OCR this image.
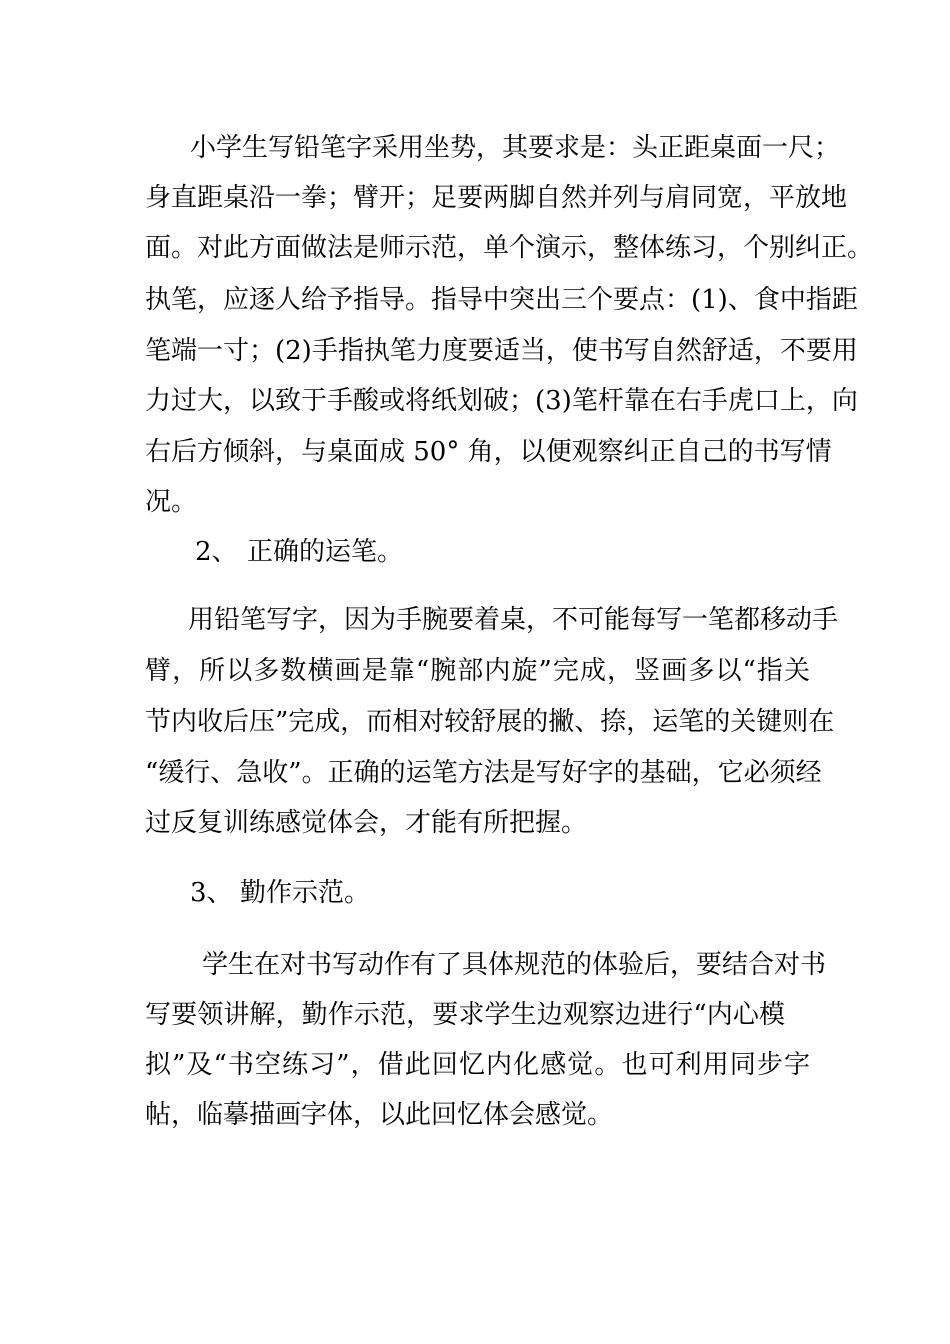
小学生写铅笔字采用坐势，其要求是：头正距桌面一尺；
身直距桌沿一拳；臂开；足要两脚自然并列与肩同宽，平放地
面。对此方面做法是师示范，单个演示，整体练习，个别纠正。
执笔，应逐人给予指导。指导中突出三个要点：(1)、食中指距
笔端一寸；(2)手指执笔力度要适当，使书写自然舒适，不要用
力过大，以致于手酸或将纸划破；(3)笔杆靠在右手虎口上，向
右后方倾斜，与桌面成 50° 角，以便观察纠正自己的书写情
况。
2、 正确的运笔。
用铅笔写字，因为手腕要着桌，不可能每写一笔都移动手
臂，所以多数横画是靠“腕部内旋”完成，竖画多以“指关
节内收后压”完成，而相对较舒展的撇、捺，运笔的关键则在
“缓行、急收”。正确的运笔方法是写好字的基础，它必须经
过反复训练感觉体会，才能有所把握。
3、 勤作示范。
学生在对书写动作有了具体规范的体验后，要结合对书
写要领讲解，勤作示范，要求学生边观察边进行“内心模
拟”及“书空练习”，借此回忆内化感觉。也可利用同步字
帖，临摹描画字体，以此回忆体会感觉。
